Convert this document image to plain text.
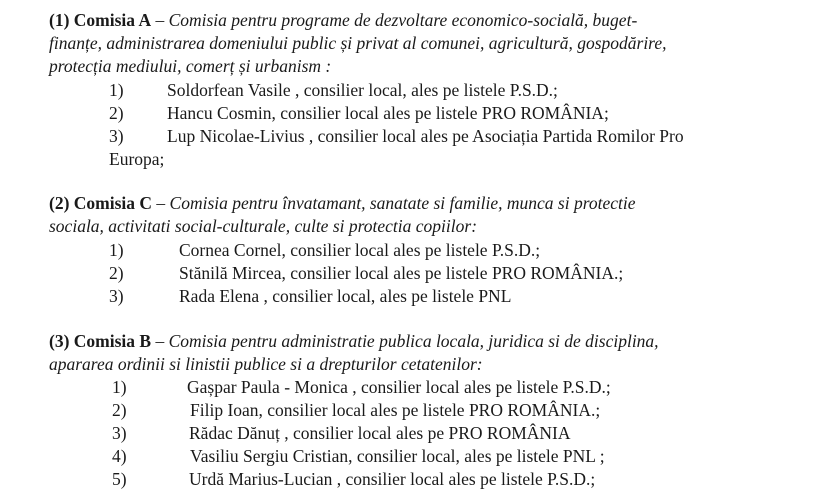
(1) Comisia A – Comisia pentru programe de dezvoltare economico-socială, buget-
finanțe, administrarea domeniului public și privat al comunei, agricultură, gospodărire,
protecția mediului, comerț și urbanism :
1) Soldorfean Vasile , consilier local, ales pe listele P.S.D.;
2) Hancu Cosmin, consilier local ales pe listele PRO ROMÂNIA;
3) Lup Nicolae-Livius , consilier local ales pe Asociația Partida Romilor Pro
Europa;
(2) Comisia C – Comisia pentru învatamant, sanatate si familie, munca si protectie
sociala, activitati social-culturale, culte si protectia copiilor:
1)	Cornea Cornel, consilier local ales pe listele P.S.D.;
2)	Stănilă Mircea, consilier local ales pe listele PRO ROMÂNIA.;
3)	Rada Elena , consilier local, ales pe listele PNL
(3) Comisia B – Comisia pentru administratie publica locala, juridica si de disciplina,
apararea ordinii si linistii publice si a drepturilor cetatenilor:
1)	Gașpar Paula - Monica , consilier local ales pe listele P.S.D.;
2)	Filip Ioan, consilier local ales pe listele PRO ROMÂNIA.;
3)	Rădac Dănuț , consilier local ales pe PRO ROMÂNIA
4)	Vasiliu Sergiu Cristian, consilier local, ales pe listele PNL ;
5)	Urdă Marius-Lucian , consilier local ales pe listele P.S.D.;
